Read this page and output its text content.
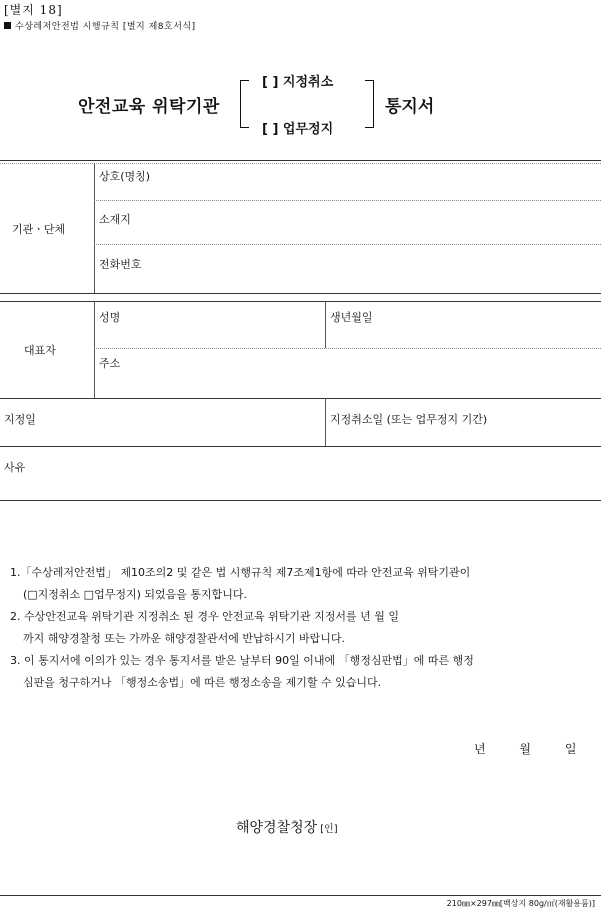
[별지 18]
수상레저안전법 시행규칙 [별지 제8호서식]
안전교육 위탁기관
[ ] 지정취소
[ ] 업무정지
통지서
기관ㆍ단체
상호(명칭)
소재지
전화번호
대표자
성명	생년월일
주소
지정일	지정취소일 (또는 업무정지 기간)
사유

1.「수상레저안전법」 제10조의2 및 같은 법 시행규칙 제7조제1항에 따라 안전교육 위탁기관이

(□지정취소 □업무정지) 되었음을 통지합니다.

2. 수상안전교육 위탁기관 지정취소 된 경우 안전교육 위탁기관 지정서를 년 월 일

까지 해양경찰청 또는 가까운 해양경찰관서에 반납하시기 바랍니다.

3. 이 통지서에 이의가 있는 경우 통지서를 받은 날부터 90일 이내에 「행정심판법」에 따른 행정

심판을 청구하거나 「행정소송법」에 따른 행정소송을 제기할 수 있습니다.

년	월	일
해양경찰청장 [인]
210㎜×297㎜[백상지 80g/㎡(재활용품)]
